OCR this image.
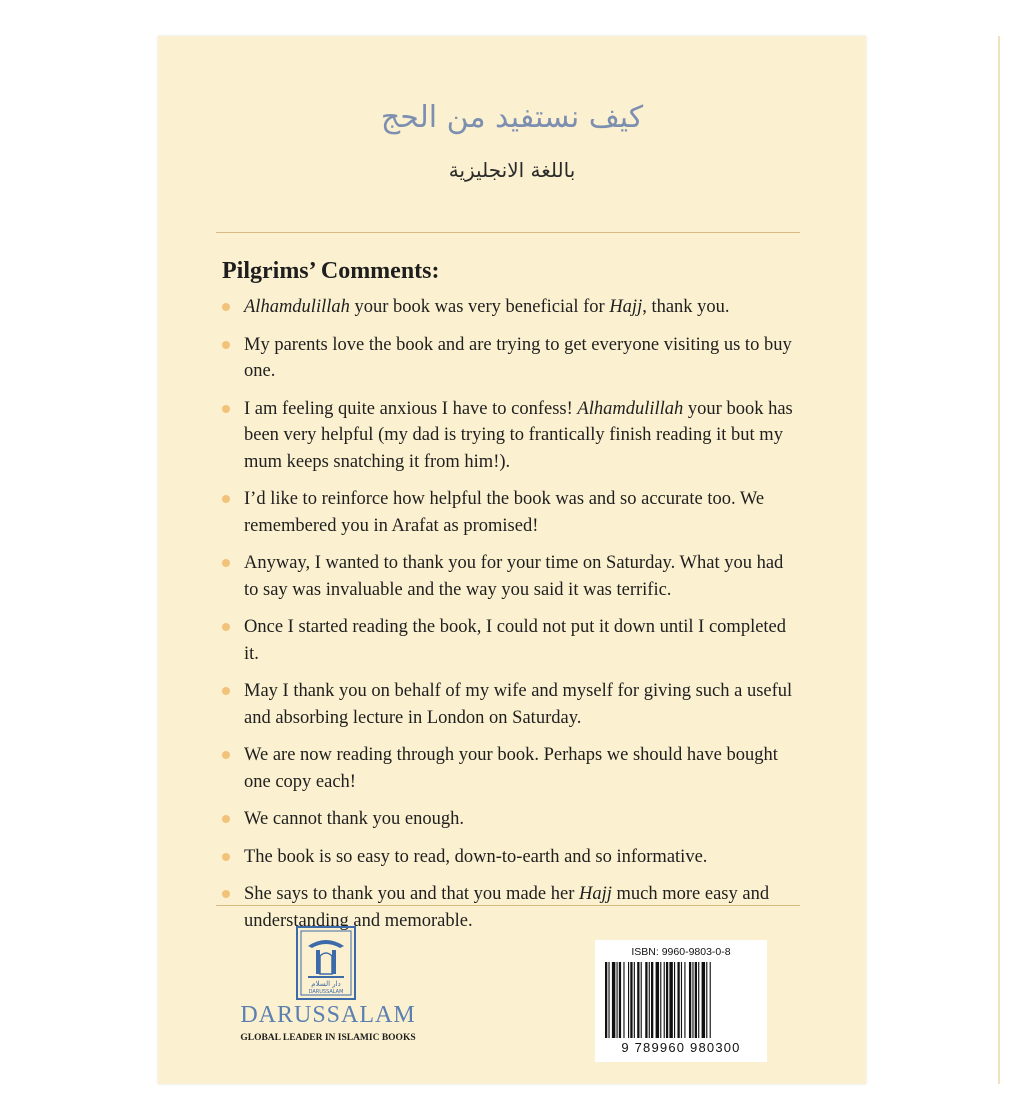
كيف نستفيد من الحج
باللغة الانجليزية
Pilgrims’ Comments:
Alhamdulillah your book was very beneficial for Hajj, thank you.
My parents love the book and are trying to get everyone visiting us to buy one.
I am feeling quite anxious I have to confess! Alhamdulillah your book has been very helpful (my dad is trying to frantically finish reading it but my mum keeps snatching it from him!).
I’d like to reinforce how helpful the book was and so accurate too. We remembered you in Arafat as promised!
Anyway, I wanted to thank you for your time on Saturday. What you had to say was invaluable and the way you said it was terrific.
Once I started reading the book, I could not put it down until I completed it.
May I thank you on behalf of my wife and myself for giving such a useful and absorbing lecture in London on Saturday.
We are now reading through your book. Perhaps we should have bought one copy each!
We cannot thank you enough.
The book is so easy to read, down-to-earth and so informative.
She says to thank you and that you made her Hajj much more easy and understanding and memorable.
دار السلام
DARUSSALAM
DARUSSALAM
GLOBAL LEADER IN ISLAMIC BOOKS
ISBN: 9960-9803-0-8
9 789960 980300
